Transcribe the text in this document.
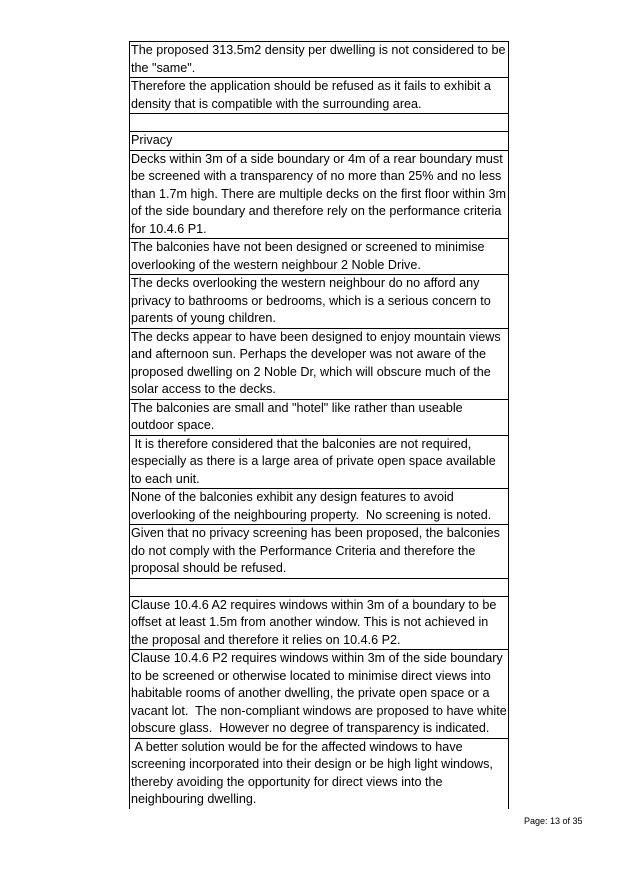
The proposed 313.5m2 density per dwelling is not considered to be the "same".
Therefore the application should be refused as it fails to exhibit a density that is compatible with the surrounding area.

Privacy
Decks within 3m of a side boundary or 4m of a rear boundary must be screened with a transparency of no more than 25% and no less than 1.7m high. There are multiple decks on the first floor within 3m of the side boundary and therefore rely on the performance criteria for 10.4.6 P1.
The balconies have not been designed or screened to minimise overlooking of the western neighbour 2 Noble Drive.
The decks overlooking the western neighbour do no afford any privacy to bathrooms or bedrooms, which is a serious concern to parents of young children.
The decks appear to have been designed to enjoy mountain views and afternoon sun. Perhaps the developer was not aware of the proposed dwelling on 2 Noble Dr, which will obscure much of the solar access to the decks.
The balconies are small and "hotel" like rather than useable outdoor space.
It is therefore considered that the balconies are not required, especially as there is a large area of private open space available to each unit.
None of the balconies exhibit any design features to avoid overlooking of the neighbouring property.  No screening is noted.
Given that no privacy screening has been proposed, the balconies do not comply with the Performance Criteria and therefore the proposal should be refused.

Clause 10.4.6 A2 requires windows within 3m of a boundary to be offset at least 1.5m from another window. This is not achieved in the proposal and therefore it relies on 10.4.6 P2.
Clause 10.4.6 P2 requires windows within 3m of the side boundary to be screened or otherwise located to minimise direct views into habitable rooms of another dwelling, the private open space or a vacant lot.  The non-compliant windows are proposed to have white obscure glass.  However no degree of transparency is indicated.
A better solution would be for the affected windows to have screening incorporated into their design or be high light windows, thereby avoiding the opportunity for direct views into the neighbouring dwelling.
Page: 13 of 35
